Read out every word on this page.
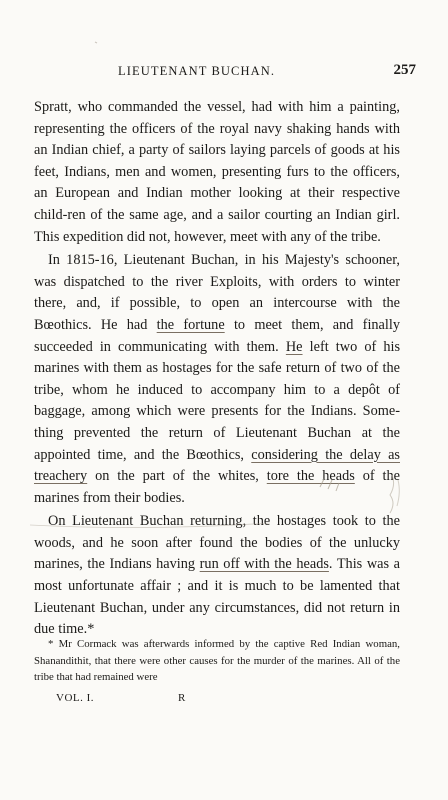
LIEUTENANT BUCHAN.	257

Spratt, who commanded the vessel, had with him a painting, representing the officers of the royal navy shaking hands with an Indian chief, a party of sailors laying parcels of goods at his feet, Indians, men and women, presenting furs to the officers, an European and Indian mother looking at their respective child-ren of the same age, and a sailor courting an Indian girl. This expedition did not, however, meet with any of the tribe.

In 1815-16, Lieutenant Buchan, in his Majesty's schooner, was dispatched to the river Exploits, with orders to winter there, and, if possible, to open an intercourse with the Bœothics. He had the fortune to meet them, and finally succeeded in communicating with them. He left two of his marines with them as hostages for the safe return of two of the tribe, whom he induced to accompany him to a depôt of baggage, among which were presents for the Indians. Something prevented the return of Lieutenant Buchan at the appointed time, and the Bœothics, considering the delay as treachery on the part of the whites, tore the heads of the marines from their bodies.

On Lieutenant Buchan returning, the hostages took to the woods, and he soon after found the bodies of the unlucky marines, the Indians having run off with the heads. This was a most unfortunate affair ; and it is much to be lamented that Lieutenant Buchan, under any circumstances, did not return in due time.*

* Mr Cormack was afterwards informed by the captive Red Indian woman, Shanandithit, that there were other causes for the murder of the marines. All of the tribe that had remained were

VOL. I.	R
